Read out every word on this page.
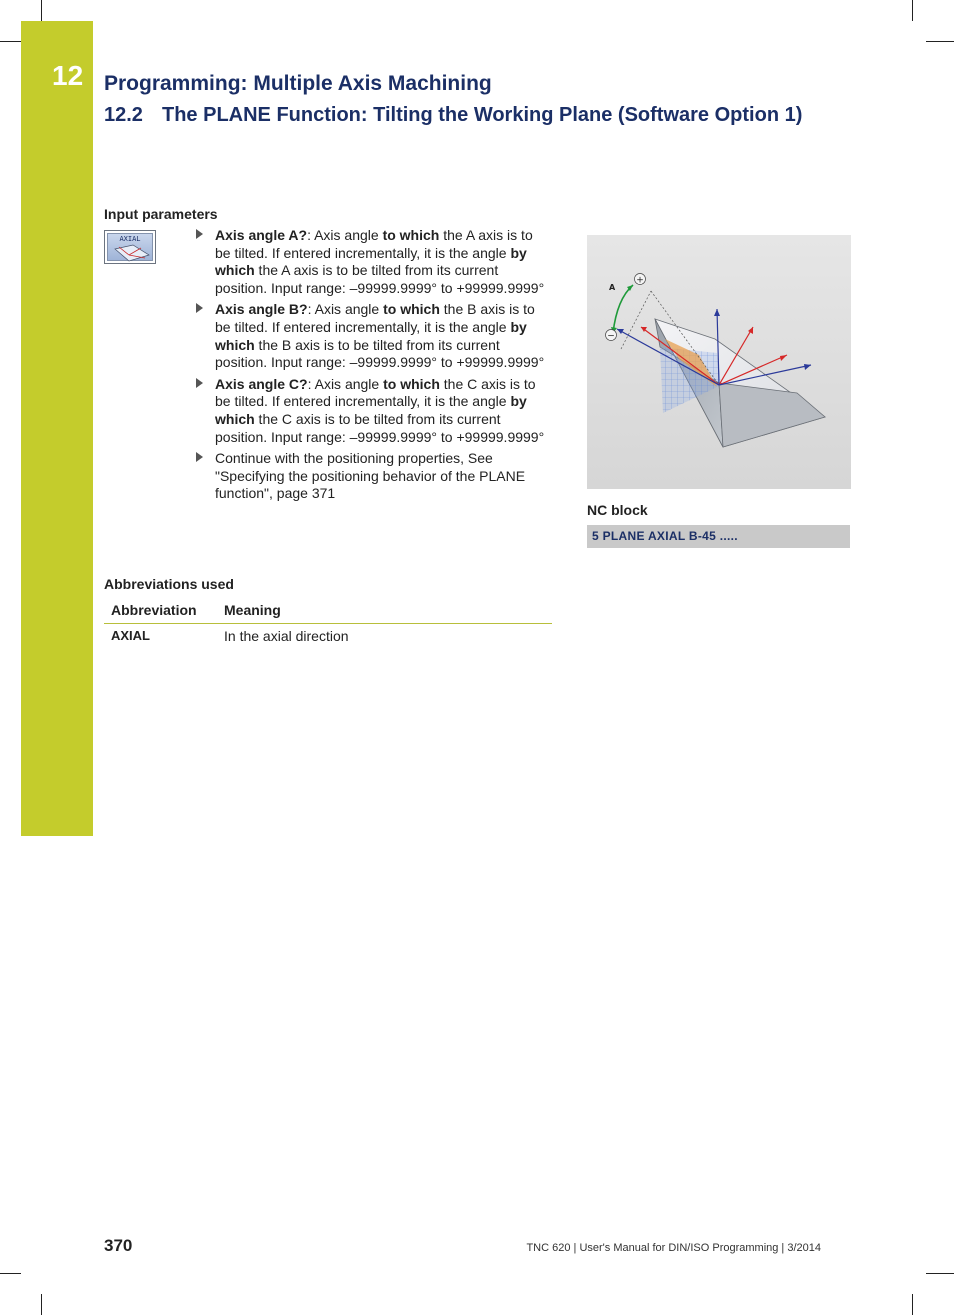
12 Programming: Multiple Axis Machining
12.2 The PLANE Function: Tilting the Working Plane (Software Option 1)
Input parameters
AXIAL	Axis angle A?: Axis angle to which the A axis is to be tilted. If entered incrementally, it is the angle by which the A axis is to be tilted from its current position. Input range: –99999.9999° to +99999.9999°
Axis angle B?: Axis angle to which the B axis is to be tilted. If entered incrementally, it is the angle by which the B axis is to be tilted from its current position. Input range: –99999.9999° to +99999.9999°
Axis angle C?: Axis angle to which the C axis is to be tilted. If entered incrementally, it is the angle by which the C axis is to be tilted from its current position. Input range: –99999.9999° to +99999.9999°
Continue with the positioning properties, See "Specifying the positioning behavior of the PLANE function", page 371
Abbreviations used
Abbreviation	Meaning
AXIAL	In the axial direction
A
+
−
NC block
5 PLANE AXIAL B-45 .....
370	TNC 620 | User's Manual for DIN/ISO Programming | 3/2014
